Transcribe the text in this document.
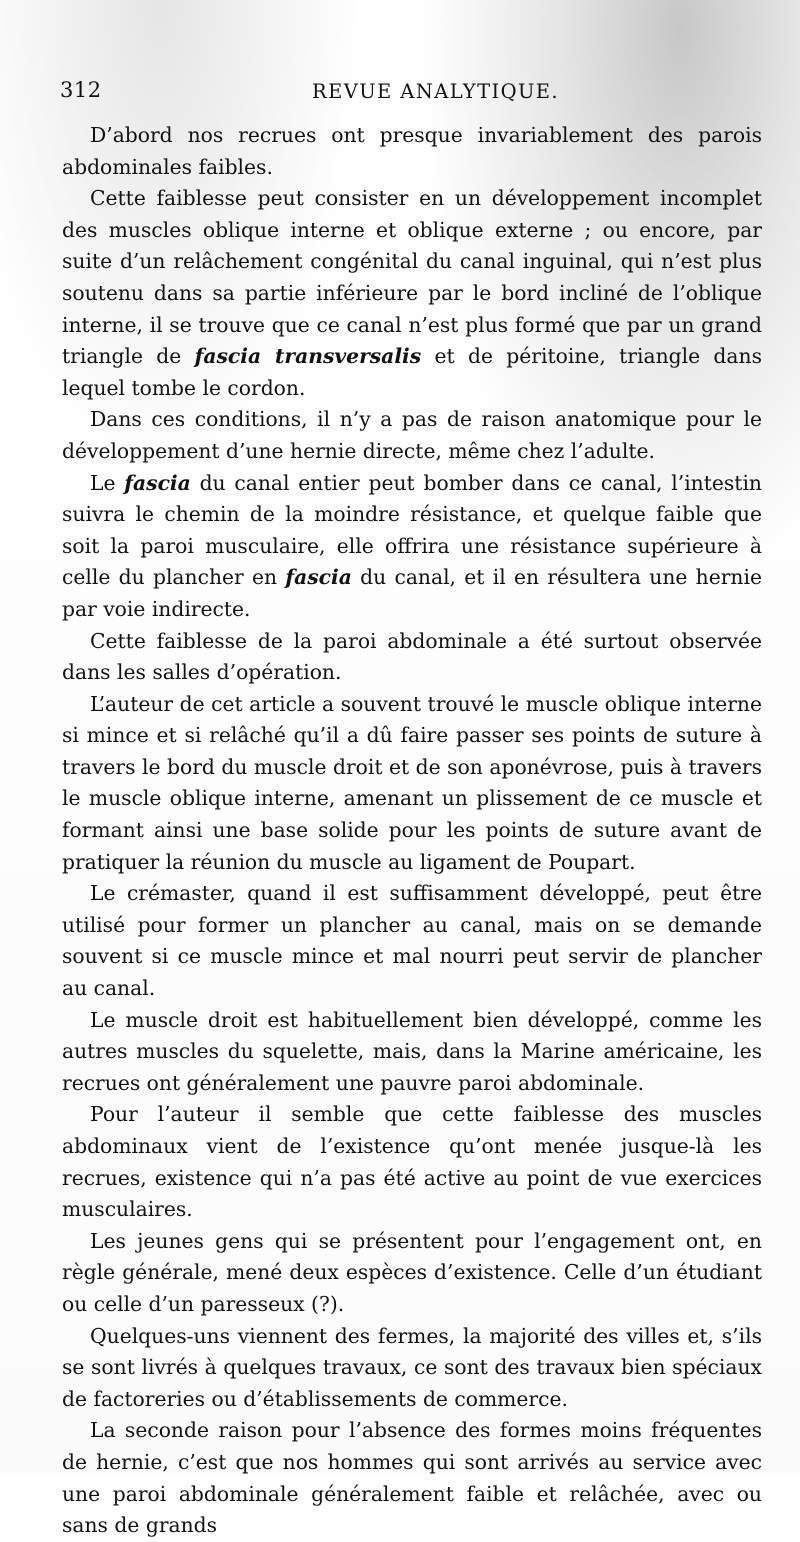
312	REVUE ANALYTIQUE.

D’abord nos recrues ont presque invariablement des parois abdominales faibles.

Cette faiblesse peut consister en un développement incomplet des muscles oblique interne et oblique externe ; ou encore, par suite d’un relâchement congénital du canal inguinal, qui n’est plus soutenu dans sa partie inférieure par le bord incliné de l’oblique interne, il se trouve que ce canal n’est plus formé que par un grand triangle de fascia transversalis et de péritoine, triangle dans lequel tombe le cordon.

Dans ces conditions, il n’y a pas de raison anatomique pour le développement d’une hernie directe, même chez l’adulte.

Le fascia du canal entier peut bomber dans ce canal, l’intestin suivra le chemin de la moindre résistance, et quelque faible que soit la paroi musculaire, elle offrira une résistance supérieure à celle du plancher en fascia du canal, et il en résultera une hernie par voie indirecte.

Cette faiblesse de la paroi abdominale a été surtout observée dans les salles d’opération.

L’auteur de cet article a souvent trouvé le muscle oblique interne si mince et si relâché qu’il a dû faire passer ses points de suture à travers le bord du muscle droit et de son aponévrose, puis à travers le muscle oblique interne, amenant un plissement de ce muscle et formant ainsi une base solide pour les points de suture avant de pratiquer la réunion du muscle au ligament de Poupart.

Le crémaster, quand il est suffisamment développé, peut être utilisé pour former un plancher au canal, mais on se demande souvent si ce muscle mince et mal nourri peut servir de plancher au canal.

Le muscle droit est habituellement bien développé, comme les autres muscles du squelette, mais, dans la Marine américaine, les recrues ont généralement une pauvre paroi abdominale.

Pour l’auteur il semble que cette faiblesse des muscles abdominaux vient de l’existence qu’ont menée jusque-là les recrues, existence qui n’a pas été active au point de vue exercices musculaires.

Les jeunes gens qui se présentent pour l’engagement ont, en règle générale, mené deux espèces d’existence. Celle d’un étudiant ou celle d’un paresseux (?).

Quelques-uns viennent des fermes, la majorité des villes et, s’ils se sont livrés à quelques travaux, ce sont des travaux bien spéciaux de factoreries ou d’établissements de commerce.

La seconde raison pour l’absence des formes moins fréquentes de hernie, c’est que nos hommes qui sont arrivés au service avec une paroi abdominale généralement faible et relâchée, avec ou sans de grands
